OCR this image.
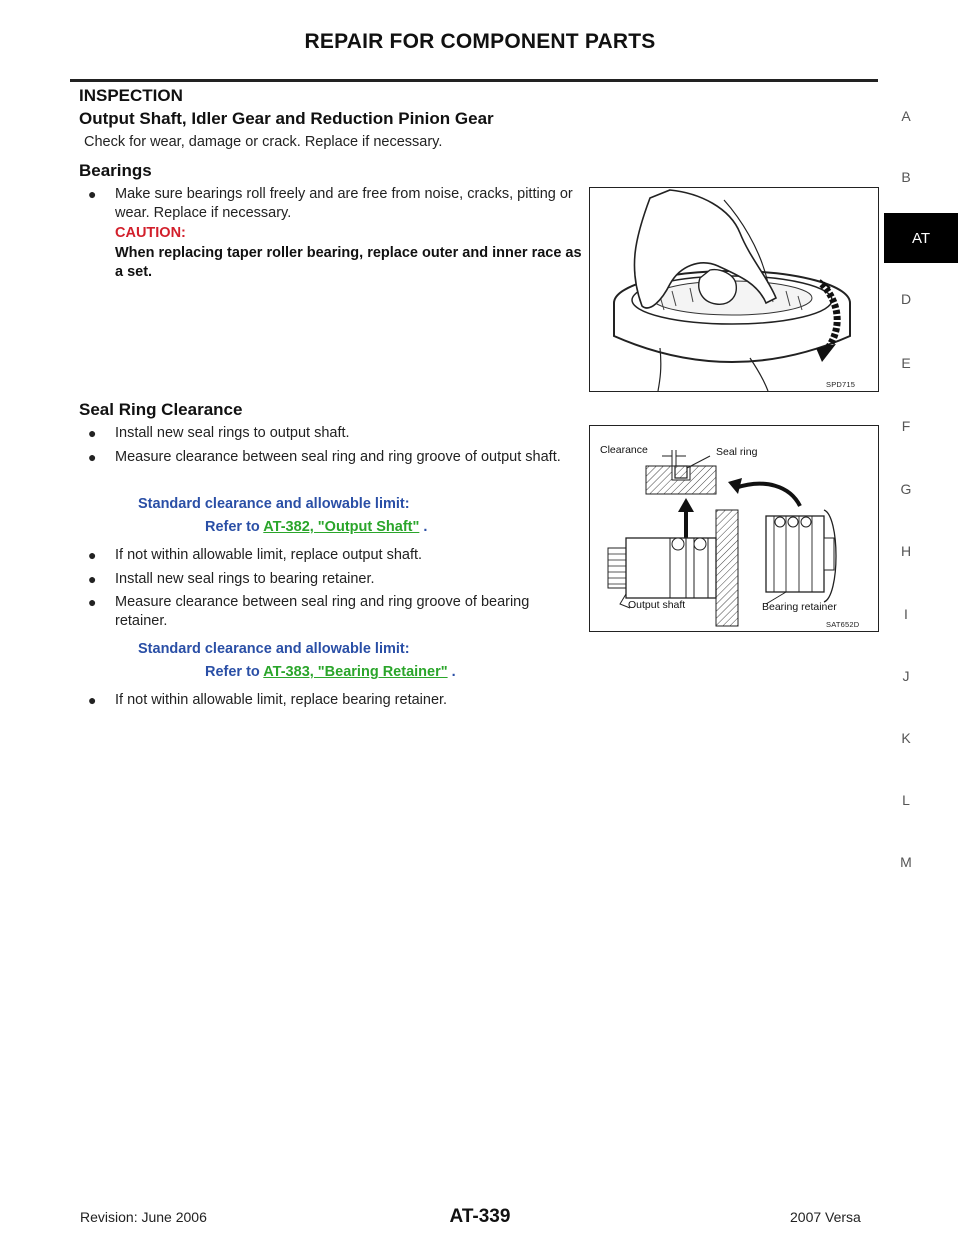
REPAIR FOR COMPONENT PARTS
A
B
AT
D
E
F
G
H
I
J
K
L
M
INSPECTION
Output Shaft, Idler Gear and Reduction Pinion Gear
Check for wear, damage or crack. Replace if necessary.
Bearings
● Make sure bearings roll freely and are free from noise, cracks, pitting or wear. Replace if necessary.
CAUTION:
When replacing taper roller bearing, replace outer and inner race as a set.
SPD715
Seal Ring Clearance
● Install new seal rings to output shaft.
● Measure clearance between seal ring and ring groove of output shaft.
Standard clearance and allowable limit:
Refer to AT-382, "Output Shaft" .
● If not within allowable limit, replace output shaft.
● Install new seal rings to bearing retainer.
● Measure clearance between seal ring and ring groove of bearing retainer.
Standard clearance and allowable limit:
Refer to AT-383, "Bearing Retainer" .
● If not within allowable limit, replace bearing retainer.
Clearance	Seal ring
Output shaft	Bearing retainer
SAT652D
Revision: June 2006	AT-339	2007 Versa
